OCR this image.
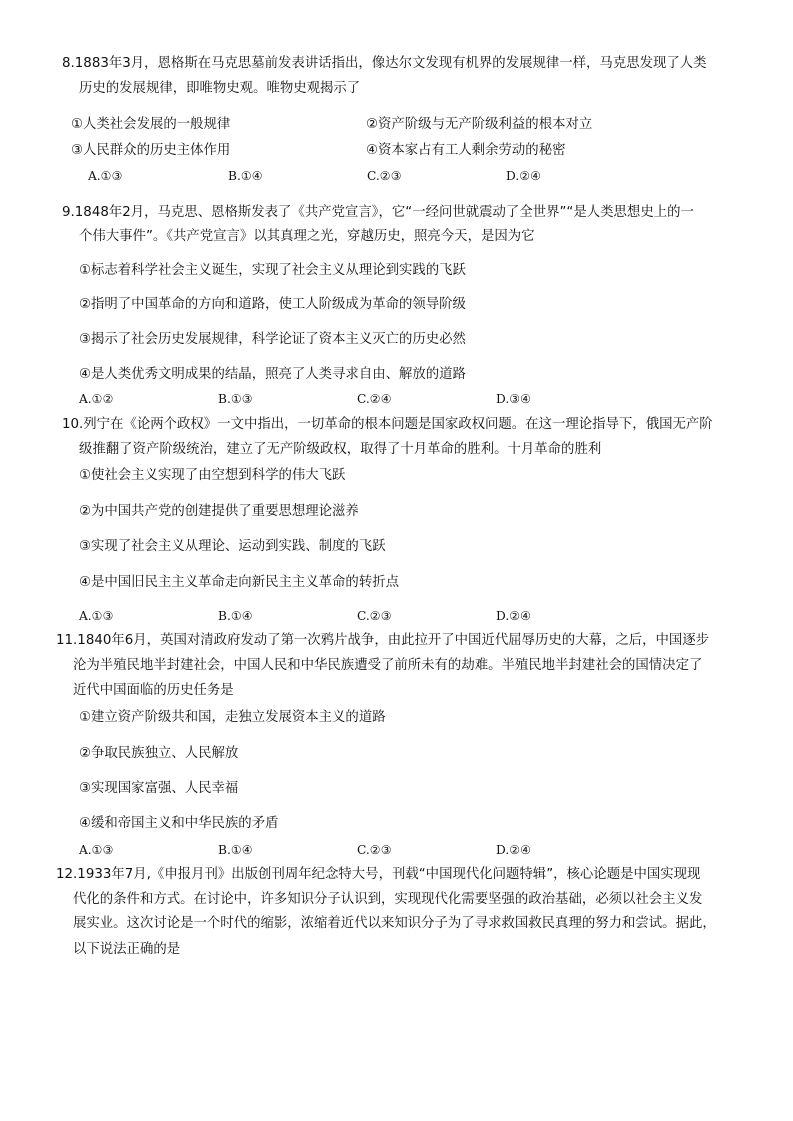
8.1883年3月，恩格斯在马克思墓前发表讲话指出，像达尔文发现有机界的发展规律一样，马克思发现了人类
历史的发展规律，即唯物史观。唯物史观揭示了
①人类社会发展的一般规律	②资产阶级与无产阶级利益的根本对立
③人民群众的历史主体作用	④资本家占有工人剩余劳动的秘密
A.①③	B.①④	C.②③	D.②④
9.1848年2月，马克思、恩格斯发表了《共产党宣言》，它“一经问世就震动了全世界”“是人类思想史上的一
个伟大事件”。《共产党宣言》以其真理之光，穿越历史，照亮今天，是因为它
①标志着科学社会主义诞生，实现了社会主义从理论到实践的飞跃
②指明了中国革命的方向和道路，使工人阶级成为革命的领导阶级
③揭示了社会历史发展规律，科学论证了资本主义灭亡的历史必然
④是人类优秀文明成果的结晶，照亮了人类寻求自由、解放的道路
A.①②	B.①③	C.②④	D.③④
10.列宁在《论两个政权》一文中指出，一切革命的根本问题是国家政权问题。在这一理论指导下，俄国无产阶
级推翻了资产阶级统治，建立了无产阶级政权，取得了十月革命的胜利。十月革命的胜利
①使社会主义实现了由空想到科学的伟大飞跃
②为中国共产党的创建提供了重要思想理论滋养
③实现了社会主义从理论、运动到实践、制度的飞跃
④是中国旧民主主义革命走向新民主主义革命的转折点
A.①③	B.①④	C.②③	D.②④
11.1840年6月，英国对清政府发动了第一次鸦片战争，由此拉开了中国近代屈辱历史的大幕，之后，中国逐步
沦为半殖民地半封建社会，中国人民和中华民族遭受了前所未有的劫难。半殖民地半封建社会的国情决定了
近代中国面临的历史任务是
①建立资产阶级共和国，走独立发展资本主义的道路
②争取民族独立、人民解放
③实现国家富强、人民幸福
④缓和帝国主义和中华民族的矛盾
A.①③	B.①④	C.②③	D.②④
12.1933年7月,《申报月刊》出版创刊周年纪念特大号，刊载“中国现代化问题特辑”，核心论题是中国实现现
代化的条件和方式。在讨论中，许多知识分子认识到，实现现代化需要坚强的政治基础，必须以社会主义发
展实业。这次讨论是一个时代的缩影，浓缩着近代以来知识分子为了寻求救国救民真理的努力和尝试。据此，
以下说法正确的是
